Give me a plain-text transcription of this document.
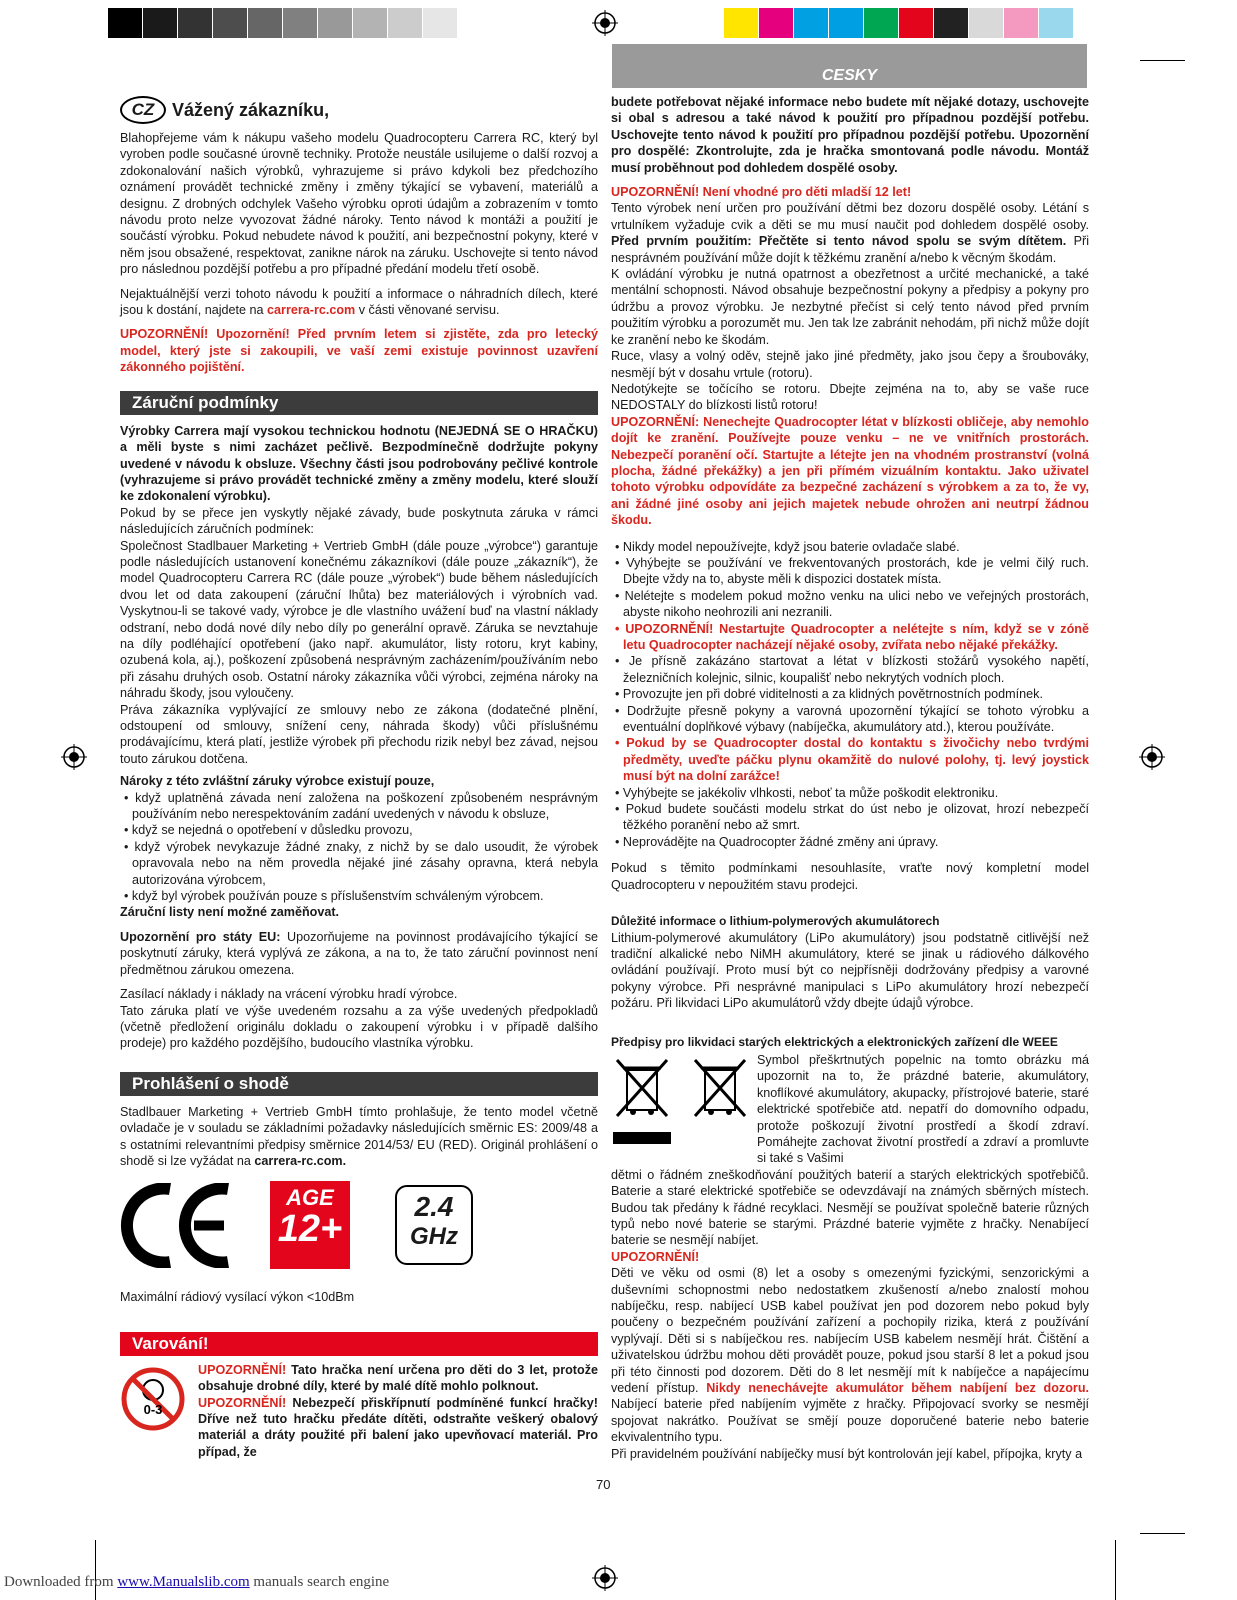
CESKY
CZ Vážený zákazníku,

Blahopřejeme vám k nákupu vašeho modelu Quadrocopteru Carrera RC, který byl vyroben podle současné úrovně techniky. Protože neustále usilujeme o další rozvoj a zdokonalování našich výrobků, vyhrazujeme si právo kdykoli bez předchozího oznámení provádět technické změny i změny týkající se vybavení, materiálů a designu. Z drobných odchylek Vašeho výrobku oproti údajům a zobrazením v tomto návodu proto nelze vyvozovat žádné nároky. Tento návod k montáži a použití je součástí výrobku. Pokud nebudete návod k použití, ani bezpečnostní pokyny, které v něm jsou obsažené, respektovat, zanikne nárok na záruku. Uschovejte si tento návod pro následnou pozdější potřebu a pro případné předání modelu třetí osobě.

Nejaktuálnější verzi tohoto návodu k použití a informace o náhradních dílech, které jsou k dostání, najdete na carrera-rc.com v části věnované servisu.

UPOZORNĚNÍ! Upozornění! Před prvním letem si zjistěte, zda pro letecký model, který jste si zakoupili, ve vaší zemi existuje povinnost uzavření zákonného pojištění.

Záruční podmínky

Výrobky Carrera mají vysokou technickou hodnotu (NEJEDNÁ SE O HRAČKU) a měli byste s nimi zacházet pečlivě. Bezpodmínečně dodržujte pokyny uvedené v návodu k obsluze. Všechny části jsou podrobovány pečlivé kontrole (vyhrazujeme si právo provádět technické změny a změny modelu, které slouží ke zdokonalení výrobku).

Pokud by se přece jen vyskytly nějaké závady, bude poskytnuta záruka v rámci následujících záručních podmínek:

Společnost Stadlbauer Marketing + Vertrieb GmbH (dále pouze „výrobce“) garantuje podle následujících ustanovení konečnému zákazníkovi (dále pouze „zákazník“), že model Quadrocopteru Carrera RC (dále pouze „výrobek“) bude během následujících dvou let od data zakoupení (záruční lhůta) bez materiálových i výrobních vad. Vyskytnou-li se takové vady, výrobce je dle vlastního uvážení buď na vlastní náklady odstraní, nebo dodá nové díly nebo díly po generální opravě. Záruka se nevztahuje na díly podléhající opotřebení (jako např. akumulátor, listy rotoru, kryt kabiny, ozubená kola, aj.), poškození způsobená nesprávným zacházením/používáním nebo při zásahu druhých osob. Ostatní nároky zákazníka vůči výrobci, zejména nároky na náhradu škody, jsou vyloučeny.

Práva zákazníka vyplývající ze smlouvy nebo ze zákona (dodatečné plnění, odstoupení od smlouvy, snížení ceny, náhrada škody) vůči příslušnému prodávajícímu, která platí, jestliže výrobek při přechodu rizik nebyl bez závad, nejsou touto zárukou dotčena.

Nároky z této zvláštní záruky výrobce existují pouze,

• když uplatněná závada není založena na poškození způsobeném nesprávným používáním nebo nerespektováním zadání uvedených v návodu k obsluze,
• když se nejedná o opotřebení v důsledku provozu,
• když výrobek nevykazuje žádné znaky, z nichž by se dalo usoudit, že výrobek opravovala nebo na něm provedla nějaké jiné zásahy opravna, která nebyla autorizována výrobcem,
• když byl výrobek používán pouze s příslušenstvím schváleným výrobcem.

Záruční listy není možné zaměňovat.

Upozornění pro státy EU: Upozorňujeme na povinnost prodávajícího týkající se poskytnutí záruky, která vyplývá ze zákona, a na to, že tato záruční povinnost není předmětnou zárukou omezena.

Zasílací náklady i náklady na vrácení výrobku hradí výrobce.

Tato záruka platí ve výše uvedeném rozsahu a za výše uvedených předpokladů (včetně předložení originálu dokladu o zakoupení výrobku i v případě dalšího prodeje) pro každého pozdějšího, budoucího vlastníka výrobku.

Prohlášení o shodě

Stadlbauer Marketing + Vertrieb GmbH tímto prohlašuje, že tento model včetně ovladače je v souladu se základními požadavky následujících směrnic ES: 2009/48 a s ostatními relevantními předpisy směrnice 2014/53/ EU (RED). Originál prohlášení o shodě si lze vyžádat na carrera-rc.com.

AGE
12+
2.4
GHz

Maximální rádiový vysílací výkon <10dBm

Varování!
0-3

UPOZORNĚNÍ! Tato hračka není určena pro děti do 3 let, protože obsahuje drobné díly, které by malé dítě mohlo polknout.
UPOZORNĚNÍ! Nebezpečí přiskřípnutí podmíněné funkcí hračky! Dříve než tuto hračku předáte dítěti, odstraňte veškerý obalový materiál a dráty použité při balení jako upevňovací materiál. Pro případ, že

budete potřebovat nějaké informace nebo budete mít nějaké dotazy, uschovejte si obal s adresou a také návod k použití pro případnou pozdější potřebu. Uschovejte tento návod k použití pro případnou pozdější potřebu. Upozornění pro dospělé: Zkontrolujte, zda je hračka smontovaná podle návodu. Montáž musí proběhnout pod dohledem dospělé osoby.

UPOZORNĚNÍ! Není vhodné pro děti mladší 12 let!

Tento výrobek není určen pro používání dětmi bez dozoru dospělé osoby. Létání s vrtulníkem vyžaduje cvik a děti se mu musí naučit pod dohledem dospělé osoby. Před prvním použitím: Přečtěte si tento návod spolu se svým dítětem. Při nesprávném používání může dojít k těžkému zranění a/nebo k věcným škodám.

K ovládání výrobku je nutná opatrnost a obezřetnost a určité mechanické, a také mentální schopnosti. Návod obsahuje bezpečnostní pokyny a předpisy a pokyny pro údržbu a provoz výrobku. Je nezbytné přečíst si celý tento návod před prvním použitím výrobku a porozumět mu. Jen tak lze zabránit nehodám, při nichž může dojít ke zranění nebo ke škodám.

Ruce, vlasy a volný oděv, stejně jako jiné předměty, jako jsou čepy a šroubováky, nesmějí být v dosahu vrtule (rotoru).

Nedotýkejte se točícího se rotoru. Dbejte zejména na to, aby se vaše ruce NEDOSTALY do blízkosti listů rotoru!

UPOZORNĚNÍ: Nenechejte Quadrocopter létat v blízkosti obličeje, aby nemohlo dojít ke zranění. Používejte pouze venku – ne ve vnitřních prostorách. Nebezpečí poranění očí. Startujte a létejte jen na vhodném prostranství (volná plocha, žádné překážky) a jen při přímém vizuálním kontaktu. Jako uživatel tohoto výrobku odpovídáte za bezpečné zacházení s výrobkem a za to, že vy, ani žádné jiné osoby ani jejich majetek nebude ohrožen ani neutrpí žádnou škodu.

• Nikdy model nepoužívejte, když jsou baterie ovladače slabé.
• Vyhýbejte se používání ve frekventovaných prostorách, kde je velmi čilý ruch. Dbejte vždy na to, abyste měli k dispozici dostatek místa.
• Nelétejte s modelem pokud možno venku na ulici nebo ve veřejných prostorách, abyste nikoho neohrozili ani nezranili.
• UPOZORNĚNÍ! Nestartujte Quadrocopter a nelétejte s ním, když se v zóně letu Quadrocopter nacházejí nějaké osoby, zvířata nebo nějaké překážky.
• Je přísně zakázáno startovat a létat v blízkosti stožárů vysokého napětí, železničních kolejnic, silnic, koupališť nebo nekrytých vodních ploch.
• Provozujte jen při dobré viditelnosti a za klidných povětrnostních podmínek.
• Dodržujte přesně pokyny a varovná upozornění týkající se tohoto výrobku a eventuální doplňkové výbavy (nabíječka, akumulátory atd.), kterou používáte.
• Pokud by se Quadrocopter dostal do kontaktu s živočichy nebo tvrdými předměty, uveďte páčku plynu okamžitě do nulové polohy, tj. levý joystick musí být na dolní zarážce!
• Vyhýbejte se jakékoliv vlhkosti, neboť ta může poškodit elektroniku.
• Pokud budete součásti modelu strkat do úst nebo je olizovat, hrozí nebezpečí těžkého poranění nebo až smrt.
• Neprovádějte na Quadrocopter žádné změny ani úpravy.

Pokud s těmito podmínkami nesouhlasíte, vraťte nový kompletní model Quadrocopteru v nepoužitém stavu prodejci.

Důležité informace o lithium-polymerových akumulátorech

Lithium-polymerové akumulátory (LiPo akumulátory) jsou podstatně citlivější než tradiční alkalické nebo NiMH akumulátory, které se jinak u rádiového dálkového ovládání používají. Proto musí být co nejpřísněji dodržovány předpisy a varovné pokyny výrobce. Při nesprávné manipulaci s LiPo akumulátory hrozí nebezpečí požáru. Při likvidaci LiPo akumulátorů vždy dbejte údajů výrobce.

Předpisy pro likvidaci starých elektrických a elektronických zařízení dle WEEE

Symbol přeškrtnutých popelnic na tomto obrázku má upozornit na to, že prázdné baterie, akumulátory, knoflíkové akumulátory, akupacky, přístrojové baterie, staré elektrické spotřebiče atd. nepatří do domovního odpadu, protože poškozují životní prostředí a škodí zdraví. Pomáhejte zachovat životní prostředí a zdraví a promluvte si také s Vašimi

dětmi o řádném zneškodňování použitých baterií a starých elektrických spotřebičů. Baterie a staré elektrické spotřebiče se odevzdávají na známých sběrných místech. Budou tak předány k řádné recyklaci. Nesmějí se používat společně baterie různých typů nebo nové baterie se starými. Prázdné baterie vyjměte z hračky. Nenabíjecí baterie se nesmějí nabíjet.

UPOZORNĚNÍ!

Děti ve věku od osmi (8) let a osoby s omezenými fyzickými, senzorickými a duševními schopnostmi nebo nedostatkem zkušeností a/nebo znalostí mohou nabíječku, resp. nabíjecí USB kabel používat jen pod dozorem nebo pokud byly poučeny o bezpečném používání zařízení a pochopily rizika, která z používání vyplývají. Děti si s nabíječkou res. nabíjecím USB kabelem nesmějí hrát. Čištění a uživatelskou údržbu mohou děti provádět pouze, pokud jsou starší 8 let a pokud jsou při této činnosti pod dozorem. Děti do 8 let nesmějí mít k nabíječce a napájecímu vedení přístup. Nikdy nenechávejte akumulátor během nabíjení bez dozoru. Nabíjecí baterie před nabíjením vyjměte z hračky. Připojovací svorky se nesmějí spojovat nakrátko. Používat se smějí pouze doporučené baterie nebo baterie ekvivalentního typu.

Při pravidelném používání nabíječky musí být kontrolován její kabel, přípojka, kryty a

70
Downloaded from www.Manualslib.com manuals search engine
